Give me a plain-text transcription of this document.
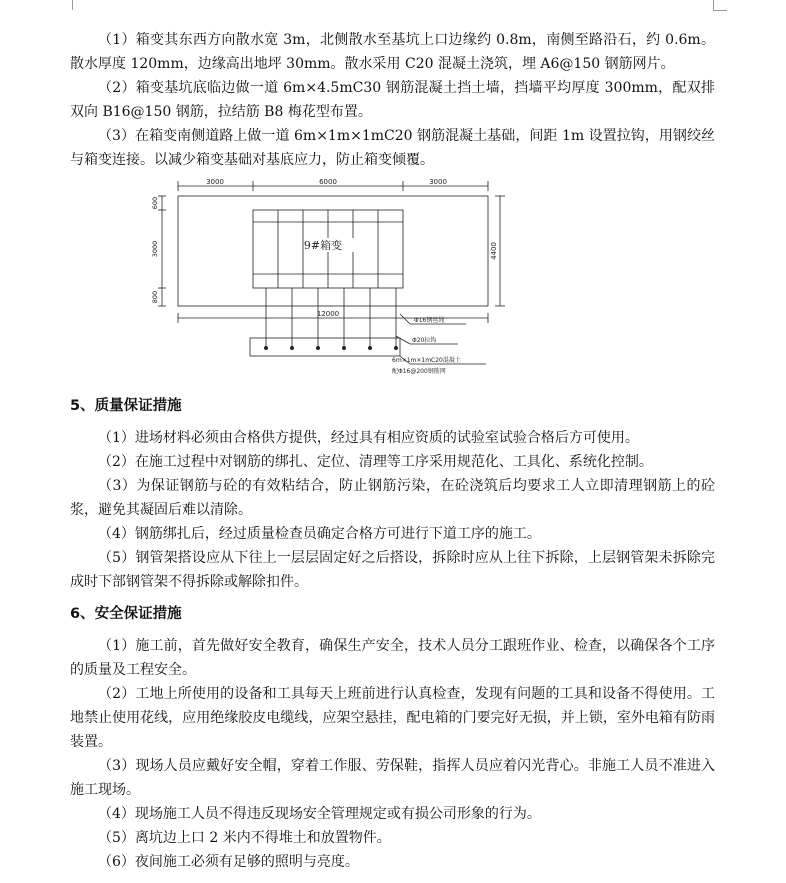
（1）箱变其东西方向散水宽 3m，北侧散水至基坑上口边缘约 0.8m，南侧至路沿石，约 0.6m。散水厚度 120mm，边缘高出地坪 30mm。散水采用 C20 混凝土浇筑，埋 A6@150 钢筋网片。

（2）箱变基坑底临边做一道 6m×4.5mC30 钢筋混凝土挡土墙，挡墙平均厚度 300mm，配双排双向 B16@150 钢筋，拉结筋 B8 梅花型布置。

（3）在箱变南侧道路上做一道 6m×1m×1mC20 钢筋混凝土基础，间距 1m 设置拉钩，用钢绞丝与箱变连接。以减少箱变基础对基底应力，防止箱变倾覆。

3000	6000	3000
600
3000
800
4400
9#箱变
12000
Φ16钢丝绳
Φ20拉钩
6m×1m×1mC20混凝土
配Φ16@200钢筋网

5、质量保证措施

（1）进场材料必须由合格供方提供，经过具有相应资质的试验室试验合格后方可使用。

（2）在施工过程中对钢筋的绑扎、定位、清理等工序采用规范化、工具化、系统化控制。

（3）为保证钢筋与砼的有效粘结合，防止钢筋污染，在砼浇筑后均要求工人立即清理钢筋上的砼浆，避免其凝固后难以清除。

（4）钢筋绑扎后，经过质量检查员确定合格方可进行下道工序的施工。

（5）钢管架搭设应从下往上一层层固定好之后搭设，拆除时应从上往下拆除，上层钢管架未拆除完成时下部钢管架不得拆除或解除扣件。

6、安全保证措施

（1）施工前，首先做好安全教育，确保生产安全，技术人员分工跟班作业、检查，以确保各个工序的质量及工程安全。

（2）工地上所使用的设备和工具每天上班前进行认真检查，发现有问题的工具和设备不得使用。工地禁止使用花线，应用绝缘胶皮电缆线，应架空悬挂，配电箱的门要完好无损，并上锁，室外电箱有防雨装置。

（3）现场人员应戴好安全帽，穿着工作服、劳保鞋，指挥人员应着闪光背心。非施工人员不准进入施工现场。

（4）现场施工人员不得违反现场安全管理规定或有损公司形象的行为。

（5）离坑边上口 2 米内不得堆土和放置物件。

（6）夜间施工必须有足够的照明与亮度。
